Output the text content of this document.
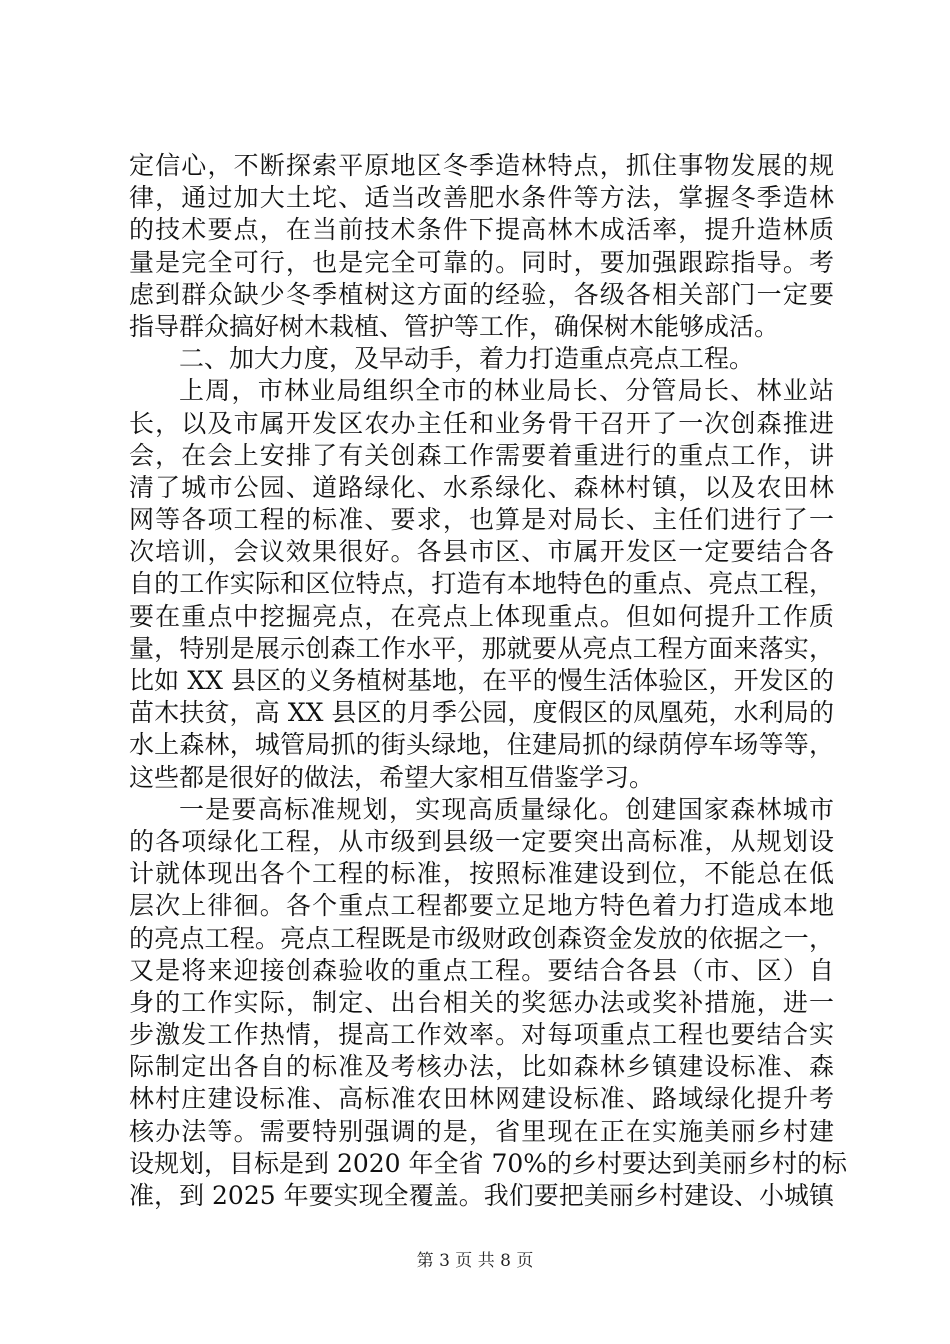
定信心，不断探索平原地区冬季造林特点，抓住事物发展的规
律，通过加大土坨、适当改善肥水条件等方法，掌握冬季造林
的技术要点，在当前技术条件下提高林木成活率，提升造林质
量是完全可行，也是完全可靠的。同时，要加强跟踪指导。考
虑到群众缺少冬季植树这方面的经验，各级各相关部门一定要
指导群众搞好树木栽植、管护等工作，确保树木能够成活。
二、加大力度，及早动手，着力打造重点亮点工程。
上周，市林业局组织全市的林业局长、分管局长、林业站
长，以及市属开发区农办主任和业务骨干召开了一次创森推进
会，在会上安排了有关创森工作需要着重进行的重点工作，讲
清了城市公园、道路绿化、水系绿化、森林村镇，以及农田林
网等各项工程的标准、要求，也算是对局长、主任们进行了一
次培训，会议效果很好。各县市区、市属开发区一定要结合各
自的工作实际和区位特点，打造有本地特色的重点、亮点工程，
要在重点中挖掘亮点，在亮点上体现重点。但如何提升工作质
量，特别是展示创森工作水平，那就要从亮点工程方面来落实，
比如 XX 县区的义务植树基地，在平的慢生活体验区，开发区的
苗木扶贫，高 XX 县区的月季公园，度假区的凤凰苑，水利局的
水上森林，城管局抓的街头绿地，住建局抓的绿荫停车场等等，
这些都是很好的做法，希望大家相互借鉴学习。
一是要高标准规划，实现高质量绿化。创建国家森林城市
的各项绿化工程，从市级到县级一定要突出高标准，从规划设
计就体现出各个工程的标准，按照标准建设到位，不能总在低
层次上徘徊。各个重点工程都要立足地方特色着力打造成本地
的亮点工程。亮点工程既是市级财政创森资金发放的依据之一，
又是将来迎接创森验收的重点工程。要结合各县（市、区）自
身的工作实际，制定、出台相关的奖惩办法或奖补措施，进一
步激发工作热情，提高工作效率。对每项重点工程也要结合实
际制定出各自的标准及考核办法，比如森林乡镇建设标准、森
林村庄建设标准、高标准农田林网建设标准、路域绿化提升考
核办法等。需要特别强调的是，省里现在正在实施美丽乡村建
设规划，目标是到 2020 年全省 70%的乡村要达到美丽乡村的标
准，到 2025 年要实现全覆盖。我们要把美丽乡村建设、小城镇
第 3 页 共 8 页
